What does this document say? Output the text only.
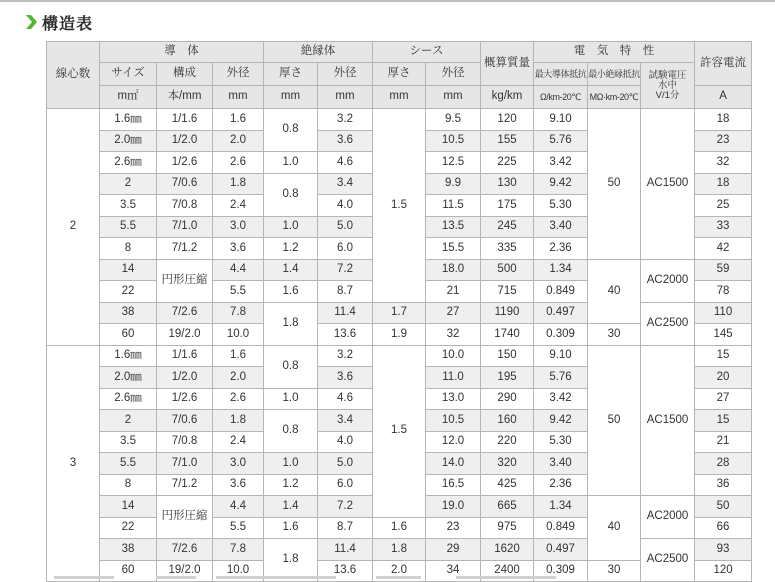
構造表
線心数	導　体			絶縁体		シース		概算質量	電　気　特　性			許容電流
	サイズ	構成	外径	厚さ	外径	厚さ	外径		最大導体抵抗	最小絶縁抵抗	試験電圧
水中
V/1分	

	m㎡	本/mm	mm	mm	mm	mm	mm	kg/km	Ω/km-20℃	MΩ·km-20℃		A
2	1.6㎜	1/1.6	1.6	0.8	3.2	1.5	9.5	120	9.10	50	AC1500	18
	2.0㎜	1/2.0	2.0		3.6		10.5	155	5.76			23
	2.6㎜	1/2.6	2.6	1.0	4.6		12.5	225	3.42			32
	2	7/0.6	1.8	0.8	3.4		9.9	130	9.42			18
	3.5	7/0.8	2.4		4.0		11.5	175	5.30			25
	5.5	7/1.0	3.0	1.0	5.0		13.5	245	3.40			33
	8	7/1.2	3.6	1.2	6.0		15.5	335	2.36			42
	14	円形圧縮	4.4	1.4	7.2		18.0	500	1.34	40	AC2000	59
	22		5.5	1.6	8.7		21	715	0.849			78
	38	7/2.6	7.8	1.8	11.4	1.7	27	1190	0.497		AC2500	110
	60	19/2.0	10.0		13.6	1.9	32	1740	0.309	30		145
3	1.6㎜	1/1.6	1.6	0.8	3.2	1.5	10.0	150	9.10	50	AC1500	15
	2.0㎜	1/2.0	2.0		3.6		11.0	195	5.76			20
	2.6㎜	1/2.6	2.6	1.0	4.6		13.0	290	3.42			27
	2	7/0.6	1.8	0.8	3.4		10.5	160	9.42			15
	3.5	7/0.8	2.4		4.0		12.0	220	5.30			21
	5.5	7/1.0	3.0	1.0	5.0		14.0	320	3.40			28
	8	7/1.2	3.6	1.2	6.0		16.5	425	2.36			36
	14	円形圧縮	4.4	1.4	7.2		19.0	665	1.34	40	AC2000	50
	22		5.5	1.6	8.7	1.6	23	975	0.849			66
	38	7/2.6	7.8	1.8	11.4	1.8	29	1620	0.497		AC2500	93
	60	19/2.0	10.0		13.6	2.0	34	2400	0.309	30		120
